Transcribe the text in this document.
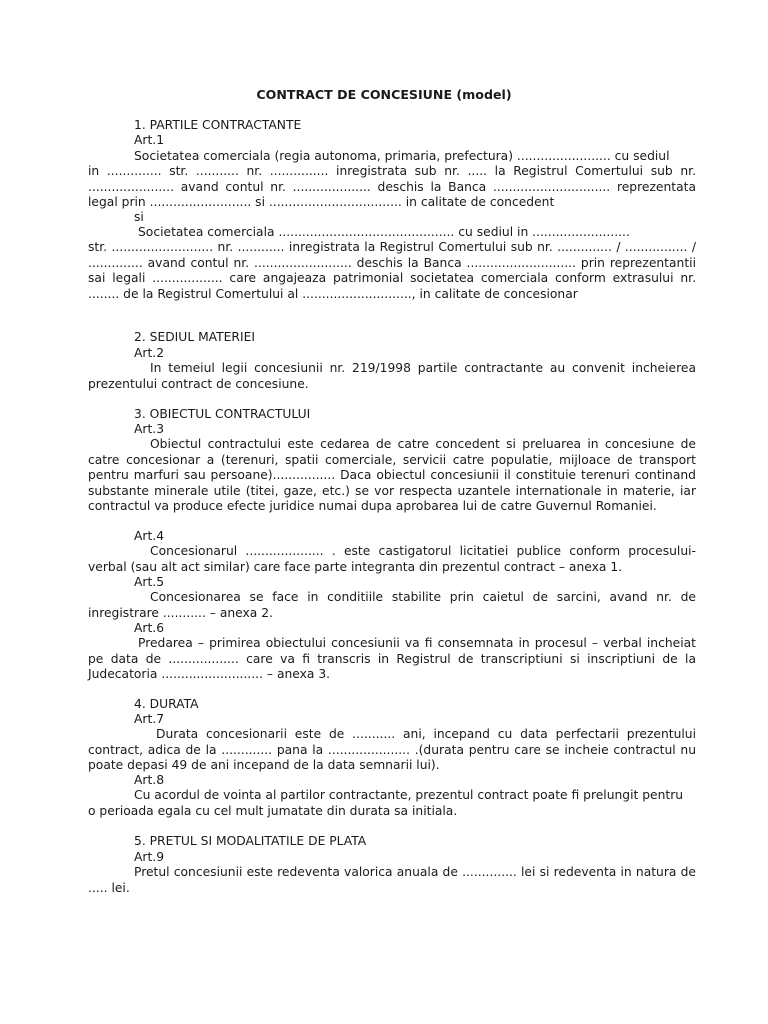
CONTRACT DE CONCESIUNE (model)
1. PARTILE CONTRACTANTE
Art.1
Societatea comerciala (regia autonoma, primaria, prefectura) ........................ cu sediul
in .............. str. ........... nr. ............... inregistrata sub nr. ..... la Registrul Comertului sub nr. ...................... avand contul nr. .................... deschis la Banca .............................. reprezentata legal prin .......................... si .................................. in calitate de concedent
si
Societatea comerciala ............................................. cu sediul in .........................
str. .......................... nr. ............ inregistrata la Registrul Comertului sub nr. .............. / ................ / .............. avand contul nr. ......................... deschis la Banca ............................ prin reprezentantii sai legali .................. care angajeaza patrimonial societatea comerciala conform extrasului nr. ........ de la Registrul Comertului al ............................, in calitate de concesionar
2. SEDIUL MATERIEI
Art.2
In temeiul legii concesiunii nr. 219/1998 partile contractante au convenit incheierea prezentului contract de concesiune.
3. OBIECTUL CONTRACTULUI
Art.3
Obiectul contractului este cedarea de catre concedent si preluarea in concesiune de catre concesionar a (terenuri, spatii comerciale, servicii catre populatie, mijloace de transport pentru marfuri sau persoane)................ Daca obiectul concesiunii il constituie terenuri continand substante minerale utile (titei, gaze, etc.) se vor respecta uzantele internationale in materie, iar contractul va produce efecte juridice numai dupa aprobarea lui de catre Guvernul Romaniei.
Art.4
Concesionarul .................... . este castigatorul licitatiei publice conform procesului-verbal (sau alt act similar) care face parte integranta din prezentul contract – anexa 1.
Art.5
Concesionarea se face in conditiile stabilite prin caietul de sarcini, avand nr. de inregistrare ........... – anexa 2.
Art.6
Predarea – primirea obiectului concesiunii va fi consemnata in procesul – verbal incheiat pe data de .................. care va fi transcris in Registrul de transcriptiuni si inscriptiuni de la Judecatoria .......................... – anexa 3.
4. DURATA
Art.7
Durata concesionarii este de ........... ani, incepand cu data perfectarii prezentului contract, adica de la ............. pana la ..................... .(durata pentru care se incheie contractul nu poate depasi 49 de ani incepand de la data semnarii lui).
Art.8
Cu acordul de vointa al partilor contractante, prezentul contract poate fi prelungit pentru
o perioada egala cu cel mult jumatate din durata sa initiala.
5. PRETUL SI MODALITATILE DE PLATA
Art.9
Pretul concesiunii este redeventa valorica anuala de .............. lei si redeventa in natura de ..... lei.
